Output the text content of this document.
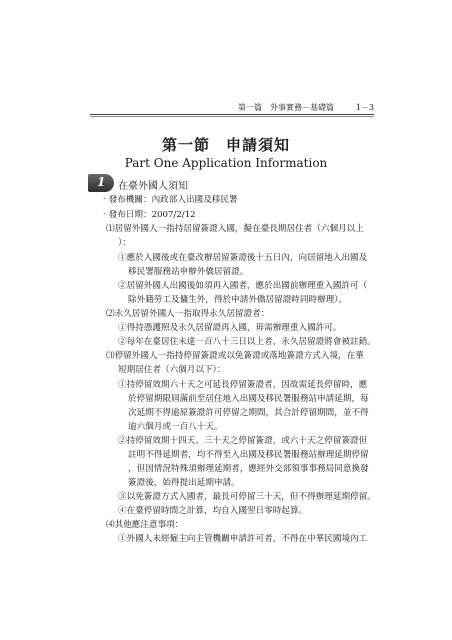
第一篇　外事實務－基礎篇	1－3
第一節　申請須知
Part One Application Information
1 在臺外國人須知
‧發布機關：內政部入出國及移民署
‧發布日期：2007/2/12
⑴居留外國人一指持居留簽證入國，擬在臺長期居住者（六個月以上
）：
①應於入國後或在臺改辦居留簽證後十五日內，向居留地入出國及
移民署服務站申辦外僑居留證。
②居留外國人出國後如須再入國者，應於出國前辦理重入國許可（
除外籍勞工及傭生外，得於申請外僑居留證時同時辦理）。
⑵永久居留外國人一指取得永久居留證者：
①得持憑護照及永久居留證再入國，毋需辦理重入國許可。
②每年在臺居住未達一百八十三日以上者，永久居留證將會被註銷。
⑶停留外國人一指持停留簽證或以免簽證或落地簽證方式入境，在華
短期居住者（六個月以下）：
①持停留效期六十天之可延長停留簽證者，因故需延長停留時，應
於停留期限屆滿前至居住地入出國及移民署服務站申請延期，每
次延期不得逾原簽證許可停留之期間，其合計停留期間，並不得
逾六個月或一百八十天。
②持停留效期十四天、三十天之停留簽證，或六十天之停留簽證但
註明不得延期者，均不得至入出國及移民署服務站辦理延期停留
，但因情況特殊須辦理延期者，應經外交部領事事務局同意換發
簽證後，始得提出延期申請。
③以免簽證方式入國者，最長可停留三十天，但不得辦理延期停留。
④在臺停留時間之計算，均自入國翌日零時起算。
⑷其他應注意事項：
①外國人未經僱主向主管機關申請許可者，不得在中華民國境內工
